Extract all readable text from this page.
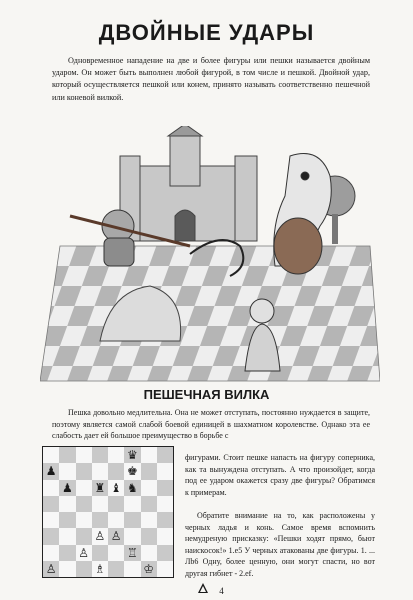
ДВОЙНЫЕ УДАРЫ
Одновременное нападение на две и более фигуры или пешки называется двойным ударом. Он может быть выполнен любой фигурой, в том числе и пешкой. Двойной удар, который осуществляется пешкой или конем, принято называть соответственно пешечной или коневой вилкой.
ПЕШЕЧНАЯ ВИЛКА
Пешка довольно медлительна. Она не может отступать, постоянно нуждается в защите, поэтому является самой слабой боевой единицей в шахматном королевстве. Однако эта ее слабость дает ей большое преимущество в борьбе с
♛
♟	♚
♟ ♜ ♝ ♞
♙ ♙
♙	♖
♙	♗	♔
фигурами. Стоит пешке напасть на фигуру соперника, как та вынуждена отступать. А что произойдет, когда под ее ударом окажется сразу две фигуры? Обратимся к примерам.
Обратите внимание на то, как расположены у черных ладья и конь. Самое время вспомнить немудреную присказку: «Пешки ходят прямо, бьют наискосок!» 1.e5 У черных атакованы две фигуры. 1. ... Лb6 Одну, более ценную, они могут спасти, но вот другая гибнет - 2.ef.
4
